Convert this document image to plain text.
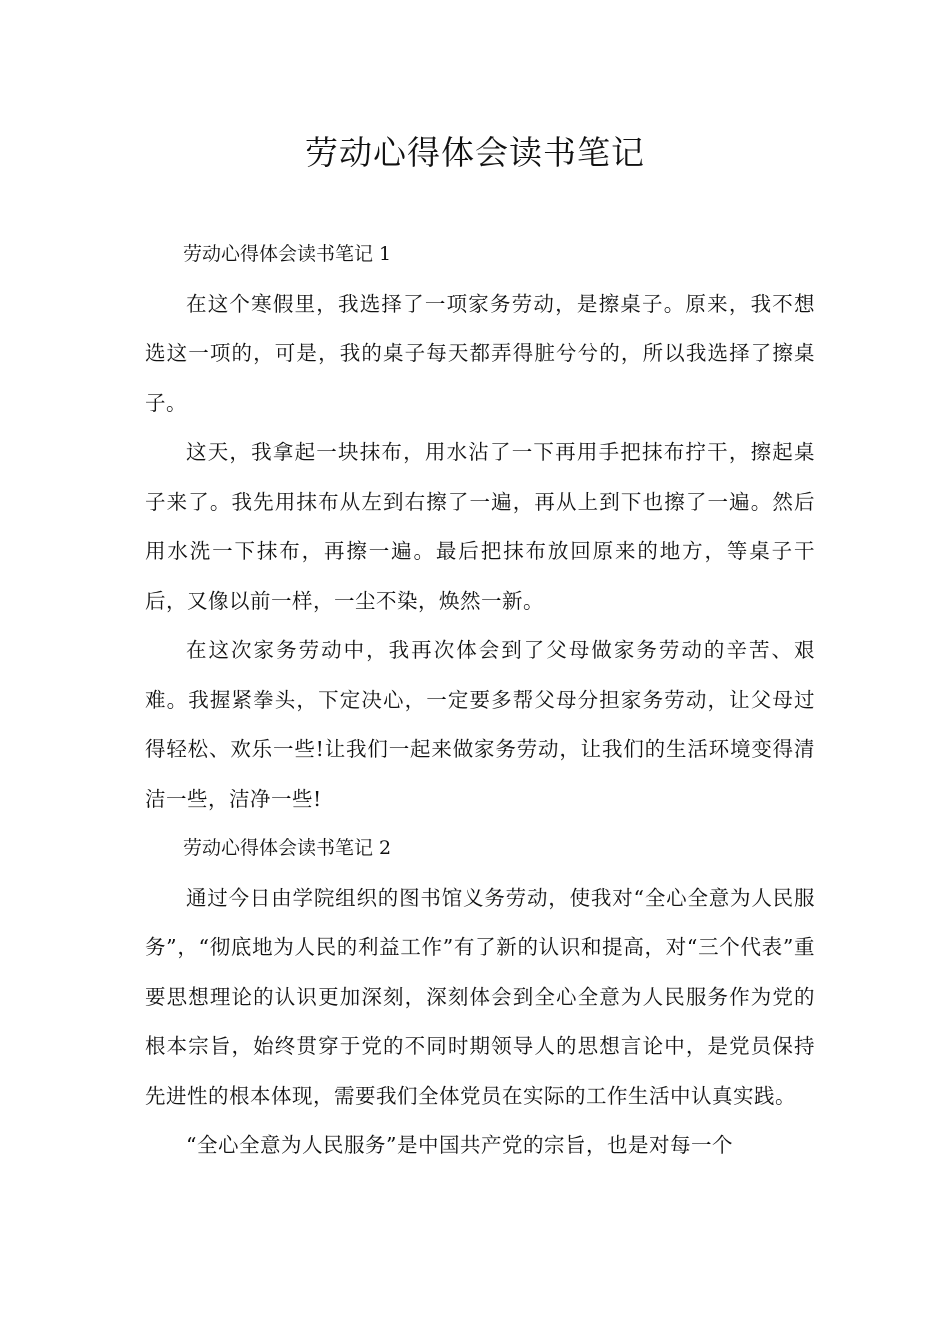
劳动心得体会读书笔记

劳动心得体会读书笔记 1

在这个寒假里，我选择了一项家务劳动，是擦桌子。原来，我不想选这一项的，可是，我的桌子每天都弄得脏兮兮的，所以我选择了擦桌子。

这天，我拿起一块抹布，用水沾了一下再用手把抹布拧干，擦起桌子来了。我先用抹布从左到右擦了一遍，再从上到下也擦了一遍。然后用水洗一下抹布，再擦一遍。最后把抹布放回原来的地方，等桌子干后，又像以前一样，一尘不染，焕然一新。

在这次家务劳动中，我再次体会到了父母做家务劳动的辛苦、艰难。我握紧拳头，下定决心，一定要多帮父母分担家务劳动，让父母过得轻松、欢乐一些!让我们一起来做家务劳动，让我们的生活环境变得清洁一些，洁净一些!

劳动心得体会读书笔记 2

通过今日由学院组织的图书馆义务劳动，使我对“全心全意为人民服务”，“彻底地为人民的利益工作”有了新的认识和提高，对“三个代表”重要思想理论的认识更加深刻，深刻体会到全心全意为人民服务作为党的根本宗旨，始终贯穿于党的不同时期领导人的思想言论中，是党员保持先进性的根本体现，需要我们全体党员在实际的工作生活中认真实践。

“全心全意为人民服务”是中国共产党的宗旨，也是对每一个
